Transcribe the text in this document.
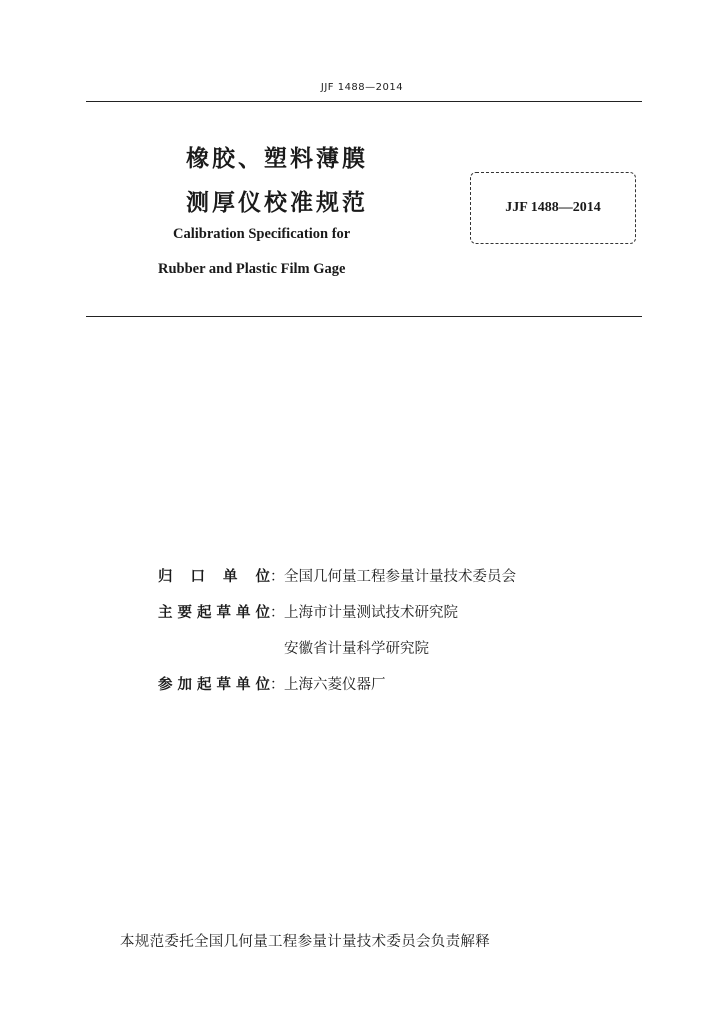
JJF 1488—2014
橡胶、塑料薄膜
测厚仪校准规范
Calibration Specification for
Rubber and Plastic Film Gage
JJF 1488—2014
归口单位 ： 全国几何量工程参量计量技术委员会
主要起草单位 ： 上海市计量测试技术研究院
安徽省计量科学研究院
参加起草单位 ： 上海六菱仪器厂
本规范委托全国几何量工程参量计量技术委员会负责解释
